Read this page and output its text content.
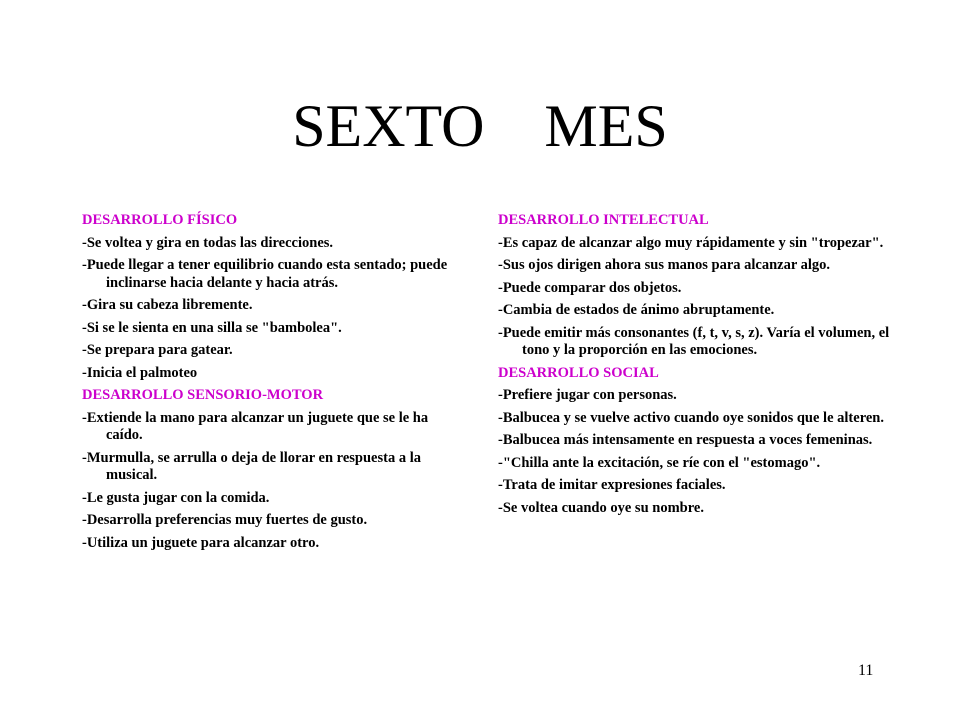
SEXTO    MES
DESARROLLO FÍSICO
-Se voltea y gira en todas las direcciones.
-Puede llegar a tener equilibrio cuando esta sentado; puede inclinarse hacia delante y hacia atrás.
-Gira su cabeza libremente.
-Si se le sienta en una silla se "bambolea".
-Se prepara para gatear.
-Inicia el palmoteo
DESARROLLO SENSORIO-MOTOR
-Extiende la mano para alcanzar un juguete que se le ha caído.
-Murmulla, se arrulla o deja de llorar en respuesta a la musical.
-Le gusta jugar con la comida.
-Desarrolla preferencias muy fuertes de gusto.
-Utiliza un juguete para alcanzar otro.
DESARROLLO INTELECTUAL
-Es capaz de alcanzar algo muy rápidamente y sin "tropezar".
-Sus ojos dirigen ahora sus manos para alcanzar algo.
-Puede comparar dos objetos.
-Cambia de estados de ánimo abruptamente.
-Puede emitir más consonantes (f, t, v, s, z). Varía el volumen, el tono y la proporción en las emociones.
DESARROLLO SOCIAL
-Prefiere jugar con personas.
-Balbucea y se vuelve activo cuando oye sonidos que le alteren.
-Balbucea más intensamente en respuesta a voces femeninas.
-"Chilla ante la excitación, se ríe con el "estomago".
-Trata de imitar expresiones faciales.
-Se voltea cuando oye su nombre.
11
